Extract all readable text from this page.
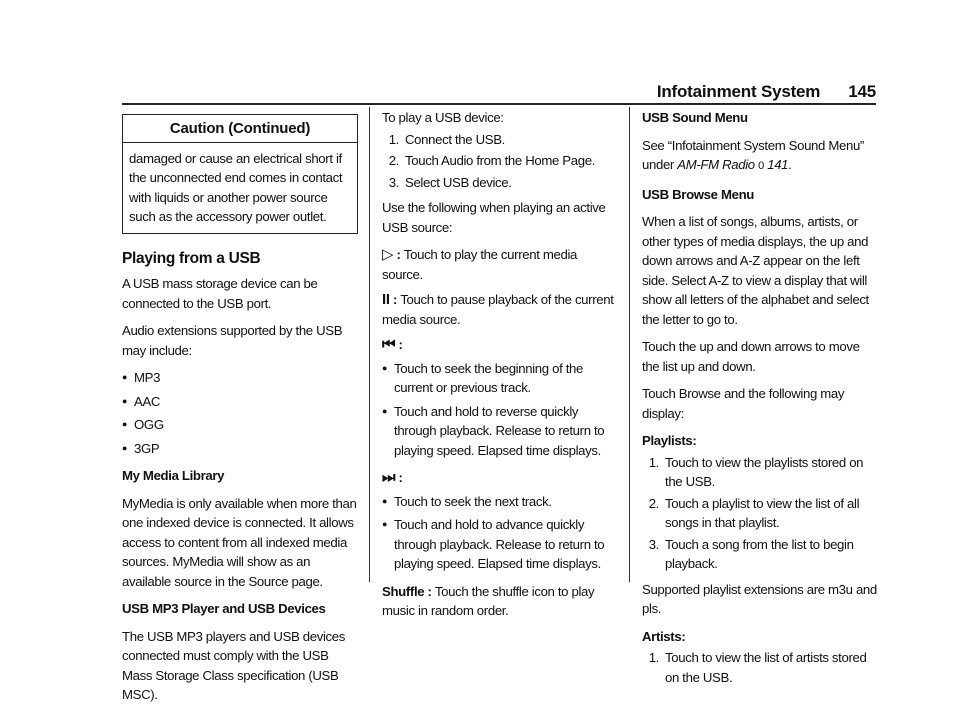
Infotainment System 145
Caution (Continued)
damaged or cause an electrical short if the unconnected end comes in contact with liquids or another power source such as the accessory power outlet.
Playing from a USB

A USB mass storage device can be connected to the USB port.

Audio extensions supported by the USB may include:

● MP3
● AAC
● OGG
● 3GP
My Media Library

MyMedia is only available when more than one indexed device is connected. It allows access to content from all indexed media sources. MyMedia will show as an available source in the Source page.

USB MP3 Player and USB Devices

The USB MP3 players and USB devices connected must comply with the USB Mass Storage Class specification (USB MSC).

To play a USB device:

1. Connect the USB.
2. Touch Audio from the Home Page.
3. Select USB device.

Use the following when playing an active USB source:

▷ : Touch to play the current media source.

II : Touch to pause playback of the current media source.

⏮ :

● Touch to seek the beginning of the current or previous track.
● Touch and hold to reverse quickly through playback. Release to return to playing speed. Elapsed time displays.

⏭ :

● Touch to seek the next track.
● Touch and hold to advance quickly through playback. Release to return to playing speed. Elapsed time displays.

Shuffle : Touch the shuffle icon to play music in random order.

USB Sound Menu

See “Infotainment System Sound Menu” under AM-FM Radio 0 141.

USB Browse Menu

When a list of songs, albums, artists, or other types of media displays, the up and down arrows and A-Z appear on the left side. Select A-Z to view a display that will show all letters of the alphabet and select the letter to go to.

Touch the up and down arrows to move the list up and down.

Touch Browse and the following may display:

Playlists:
1. Touch to view the playlists stored on the USB.
2. Touch a playlist to view the list of all songs in that playlist.
3. Touch a song from the list to begin playback.

Supported playlist extensions are m3u and pls.

Artists:
1. Touch to view the list of artists stored on the USB.
